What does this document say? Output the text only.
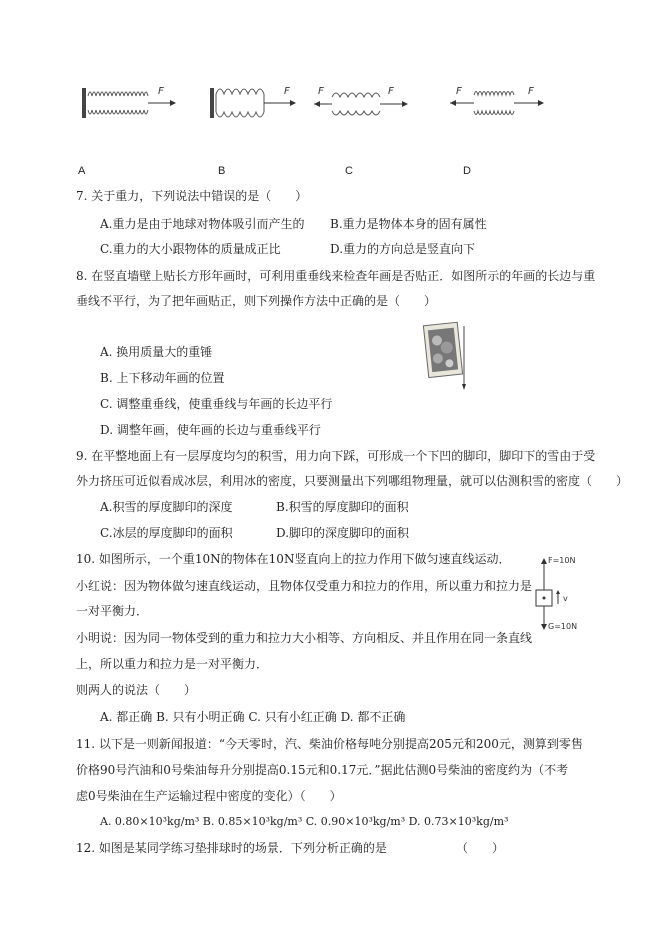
F	F	F	F	F	F
A	B	C	D
7. 关于重力，下列说法中错误的是（　　）
A.重力是由于地球对物体吸引而产生的 B.重力是物体本身的固有属性
C.重力的大小跟物体的质量成正比	D.重力的方向总是竖直向下
8. 在竖直墙壁上贴长方形年画时，可利用重垂线来检查年画是否贴正．如图所示的年画的长边与重
垂线不平行，为了把年画贴正，则下列操作方法中正确的是（　　）
A. 换用质量大的重锤
B. 上下移动年画的位置
C. 调整重垂线，使重垂线与年画的长边平行
D. 调整年画，使年画的长边与重垂线平行
9. 在平整地面上有一层厚度均匀的积雪，用力向下踩，可形成一个下凹的脚印，脚印下的雪由于受
外力挤压可近似看成冰层，利用冰的密度，只要测量出下列哪组物理量，就可以估测积雪的密度（　　）
A.积雪的厚度脚印的深度	B.积雪的厚度脚印的面积
C.冰层的厚度脚印的面积	D.脚印的深度脚印的面积
10. 如图所示，一个重10N的物体在10N竖直向上的拉力作用下做匀速直线运动．
小红说：因为物体做匀速直线运动，且物体仅受重力和拉力的作用，所以重力和拉力是
一对平衡力．
小明说：因为同一物体受到的重力和拉力大小相等、方向相反、并且作用在同一条直线
上，所以重力和拉力是一对平衡力．
则两人的说法（　　）
A. 都正确 B. 只有小明正确 C. 只有小红正确 D. 都不正确
F=10N
G=10N
v
11. 以下是一则新闻报道：“今天零时，汽、柴油价格每吨分别提高205元和200元，测算到零售
价格90号汽油和0号柴油每升分别提高0.15元和0.17元．”据此估测0号柴油的密度约为（不考
虑0号柴油在生产运输过程中密度的变化）（　　）
A. 0.80×10³kg/m³ B. 0.85×10³kg/m³ C. 0.90×10³kg/m³ D. 0.73×10³kg/m³
12. 如图是某同学练习垫排球时的场景．下列分析正确的是	（　　）
